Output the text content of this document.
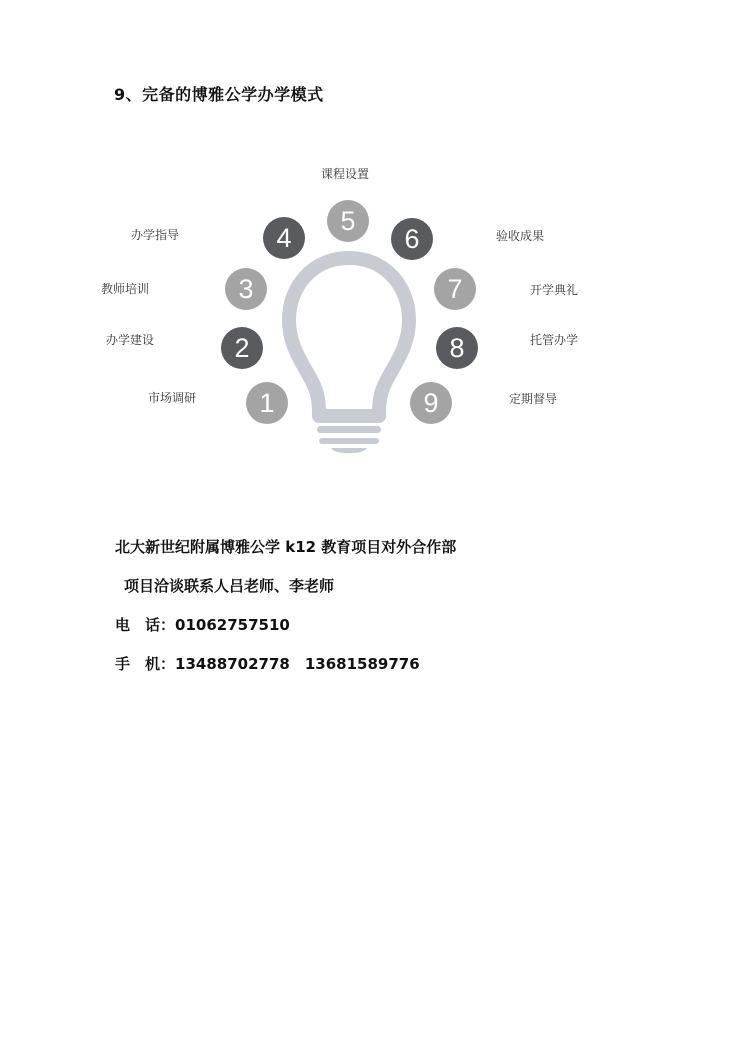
9、完备的博雅公学办学模式
课程设置
办学指导	验收成果
教师培训	开学典礼
办学建设	托管办学
市场调研	定期督导
5
4	6
3	7
2	8
1	9
北大新世纪附属博雅公学 k12 教育项目对外合作部
项目洽谈联系人吕老师、李老师
电　话：01062757510
手　机：13488702778　13681589776
